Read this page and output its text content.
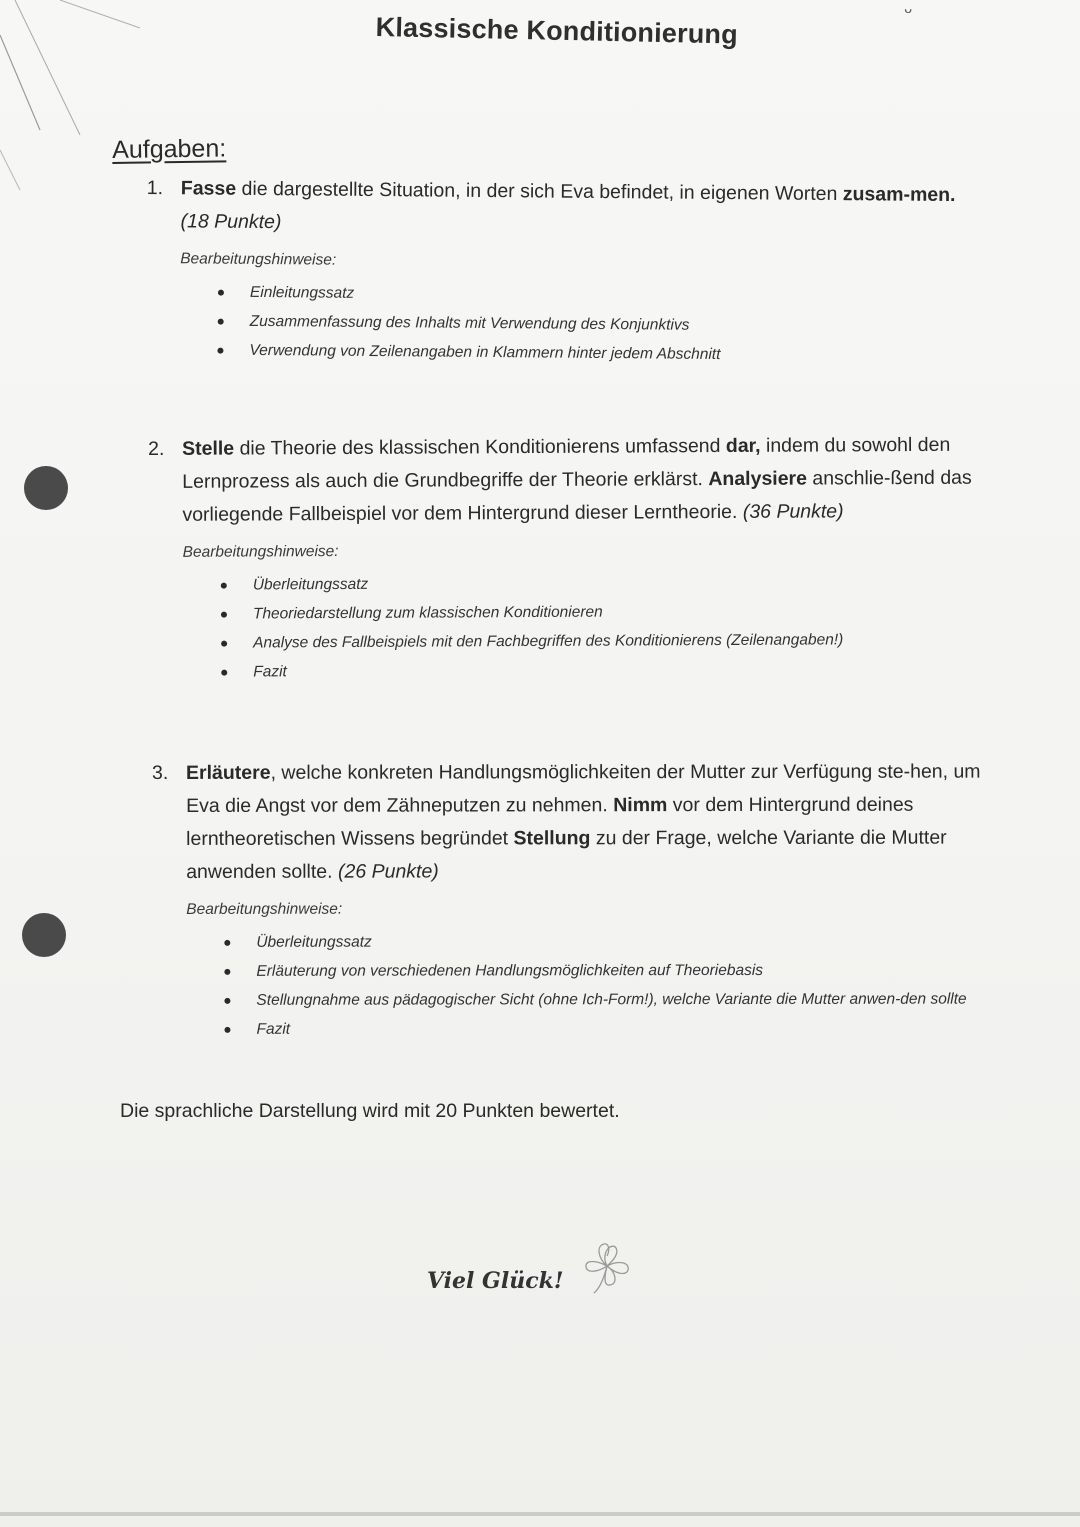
ᴗ
Klassische Konditionierung
Aufgaben:
1. Fasse die dargestellte Situation, in der sich Eva befindet, in eigenen Worten zusam-men. (18 Punkte)
Bearbeitungshinweise:
Einleitungssatz
Zusammenfassung des Inhalts mit Verwendung des Konjunktivs
Verwendung von Zeilenangaben in Klammern hinter jedem Abschnitt
2. Stelle die Theorie des klassischen Konditionierens umfassend dar, indem du sowohl den Lernprozess als auch die Grundbegriffe der Theorie erklärst. Analysiere anschlie-ßend das vorliegende Fallbeispiel vor dem Hintergrund dieser Lerntheorie. (36 Punkte)
Bearbeitungshinweise:
Überleitungssatz
Theoriedarstellung zum klassischen Konditionieren
Analyse des Fallbeispiels mit den Fachbegriffen des Konditionierens (Zeilenangaben!)
Fazit
3. Erläutere, welche konkreten Handlungsmöglichkeiten der Mutter zur Verfügung ste-hen, um Eva die Angst vor dem Zähneputzen zu nehmen. Nimm vor dem Hintergrund deines lerntheoretischen Wissens begründet Stellung zu der Frage, welche Variante die Mutter anwenden sollte. (26 Punkte)
Bearbeitungshinweise:
Überleitungssatz
Erläuterung von verschiedenen Handlungsmöglichkeiten auf Theoriebasis
Stellungnahme aus pädagogischer Sicht (ohne Ich-Form!), welche Variante die Mutter anwen-den sollte
Fazit
Die sprachliche Darstellung wird mit 20 Punkten bewertet.
Viel Glück!
